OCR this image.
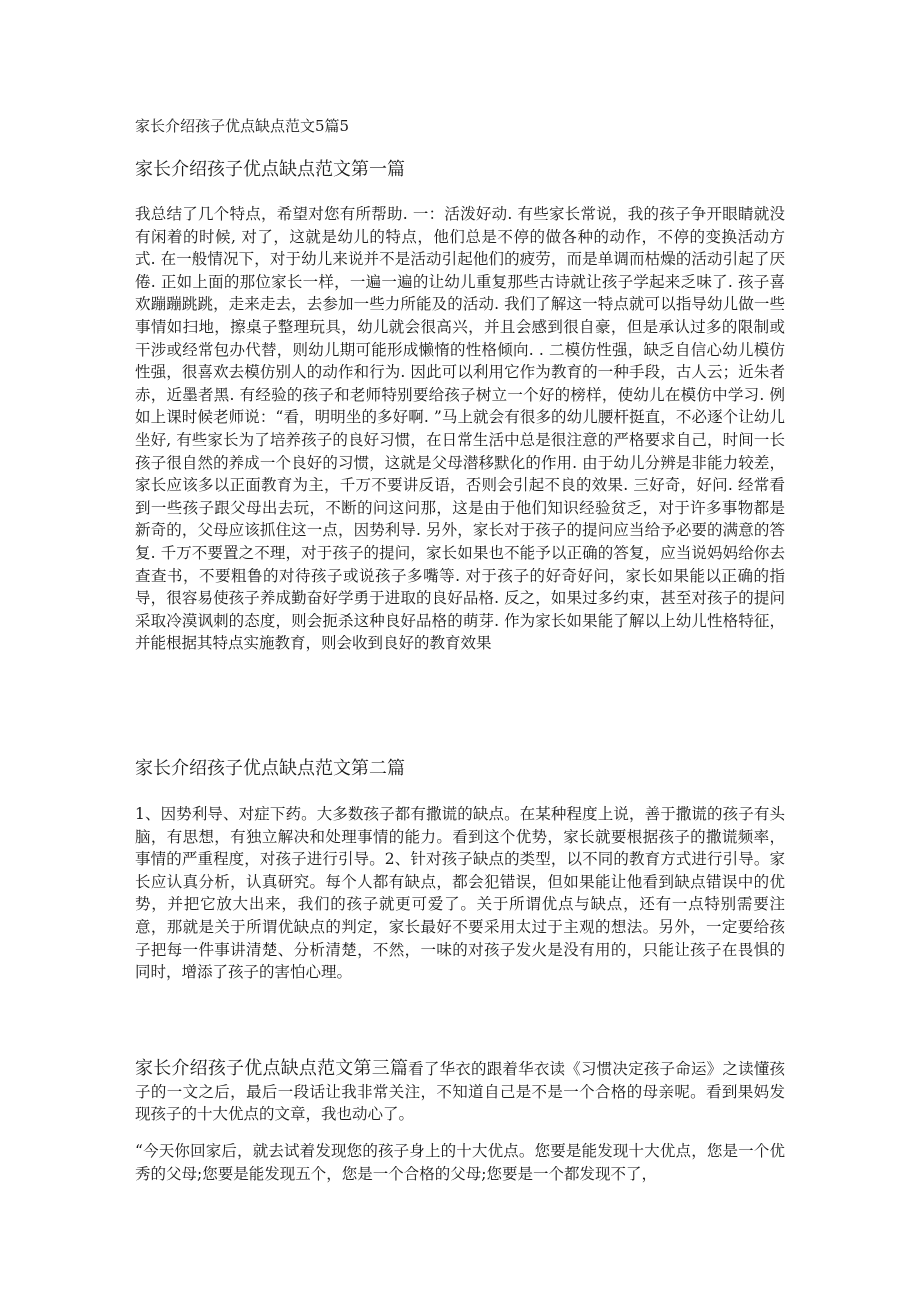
家长介绍孩子优点缺点范文5篇5
家长介绍孩子优点缺点范文第一篇
我总结了几个特点，希望对您有所帮助. 一：活泼好动. 有些家长常说，我的孩子争开眼睛就没有闲着的时候, 对了，这就是幼儿的特点，他们总是不停的做各种的动作，不停的变换活动方式. 在一般情况下，对于幼儿来说并不是活动引起他们的疲劳，而是单调而枯燥的活动引起了厌倦. 正如上面的那位家长一样，一遍一遍的让幼儿重复那些古诗就让孩子学起来乏味了. 孩子喜欢蹦蹦跳跳，走来走去，去参加一些力所能及的活动. 我们了解这一特点就可以指导幼儿做一些事情如扫地，擦桌子整理玩具，幼儿就会很高兴，并且会感到很自豪，但是承认过多的限制或干涉或经常包办代替，则幼儿期可能形成懒惰的性格倾向. . 二模仿性强，缺乏自信心幼儿模仿性强，很喜欢去模仿别人的动作和行为. 因此可以利用它作为教育的一种手段，古人云；近朱者赤，近墨者黑. 有经验的孩子和老师特别要给孩子树立一个好的榜样，使幼儿在模仿中学习. 例如上课时候老师说：“看，明明坐的多好啊. ”马上就会有很多的幼儿腰杆挺直，不必逐个让幼儿坐好, 有些家长为了培养孩子的良好习惯，在日常生活中总是很注意的严格要求自己，时间一长孩子很自然的养成一个良好的习惯，这就是父母潜移默化的作用. 由于幼儿分辨是非能力较差，家长应该多以正面教育为主，千万不要讲反语，否则会引起不良的效果. 三好奇，好问. 经常看到一些孩子跟父母出去玩，不断的问这问那，这是由于他们知识经验贫乏，对于许多事物都是新奇的，父母应该抓住这一点，因势利导. 另外，家长对于孩子的提问应当给予必要的满意的答复. 千万不要置之不理，对于孩子的提问，家长如果也不能予以正确的答复，应当说妈妈给你去查查书，不要粗鲁的对待孩子或说孩子多嘴等. 对于孩子的好奇好问，家长如果能以正确的指导，很容易使孩子养成勤奋好学勇于进取的良好品格. 反之，如果过多约束，甚至对孩子的提问采取冷漠讽刺的态度，则会扼杀这种良好品格的萌芽. 作为家长如果能了解以上幼儿性格特征，并能根据其特点实施教育，则会收到良好的教育效果
家长介绍孩子优点缺点范文第二篇
1、因势利导、对症下药。大多数孩子都有撒谎的缺点。在某种程度上说，善于撒谎的孩子有头脑，有思想，有独立解决和处理事情的能力。看到这个优势，家长就要根据孩子的撒谎频率，事情的严重程度，对孩子进行引导。2、针对孩子缺点的类型，以不同的教育方式进行引导。家长应认真分析，认真研究。每个人都有缺点，都会犯错误，但如果能让他看到缺点错误中的优势，并把它放大出来，我们的孩子就更可爱了。关于所谓优点与缺点，还有一点特别需要注意，那就是关于所谓优缺点的判定，家长最好不要采用太过于主观的想法。另外，一定要给孩子把每一件事讲清楚、分析清楚，不然，一味的对孩子发火是没有用的，只能让孩子在畏惧的同时，增添了孩子的害怕心理。
家长介绍孩子优点缺点范文第三篇看了华衣的跟着华衣读《习惯决定孩子命运》之读懂孩子的一文之后，最后一段话让我非常关注，不知道自己是不是一个合格的母亲呢。看到果妈发现孩子的十大优点的文章，我也动心了。
“今天你回家后，就去试着发现您的孩子身上的十大优点。您要是能发现十大优点，您是一个优秀的父母;您要是能发现五个，您是一个合格的父母;您要是一个都发现不了，
